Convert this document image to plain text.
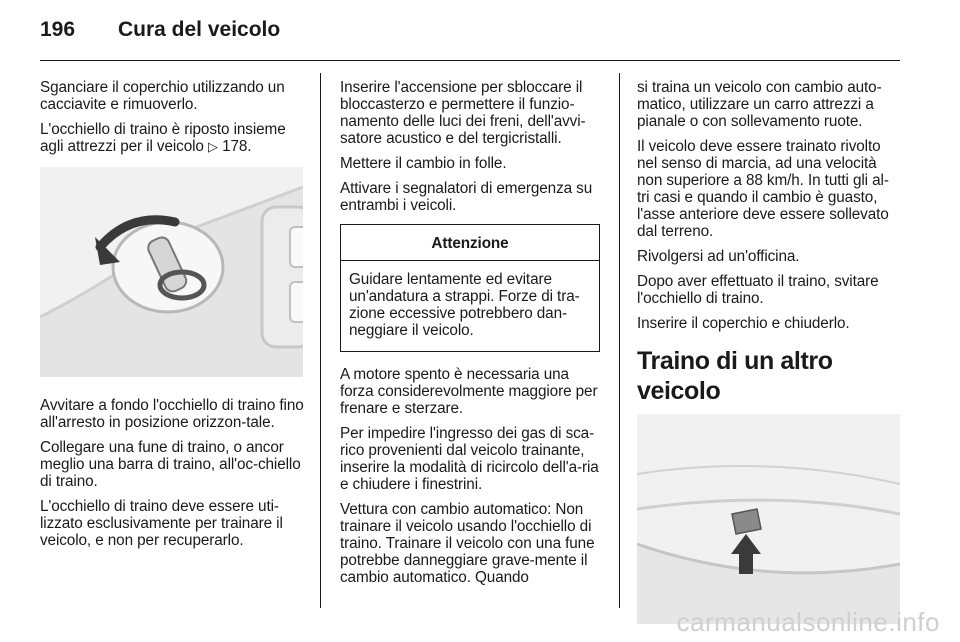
196	Cura del veicolo

Sganciare il coperchio utilizzando un cacciavite e rimuoverlo.

L'occhiello di traino è riposto insieme agli attrezzi per il veicolo ▷ 178.

Avvitare a fondo l'occhiello di traino fino all'arresto in posizione orizzon-tale.

Collegare una fune di traino, o ancor meglio una barra di traino, all'oc-chiello di traino.

L'occhiello di traino deve essere uti-lizzato esclusivamente per trainare il veicolo, e non per recuperarlo.

Inserire l'accensione per sbloccare il bloccasterzo e permettere il funzio-namento delle luci dei freni, dell'avvi-satore acustico e del tergicristalli.

Mettere il cambio in folle.

Attivare i segnalatori di emergenza su entrambi i veicoli.

Attenzione
Guidare lentamente ed evitare un'andatura a strappi. Forze di tra-zione eccessive potrebbero dan-neggiare il veicolo.

A motore spento è necessaria una forza considerevolmente maggiore per frenare e sterzare.

Per impedire l'ingresso dei gas di sca-rico provenienti dal veicolo trainante, inserire la modalità di ricircolo dell'a-ria e chiudere i finestrini.

Vettura con cambio automatico: Non trainare il veicolo usando l'occhiello di traino. Trainare il veicolo con una fune potrebbe danneggiare grave-mente il cambio automatico. Quando

si traina un veicolo con cambio auto-matico, utilizzare un carro attrezzi a pianale o con sollevamento ruote.

Il veicolo deve essere trainato rivolto nel senso di marcia, ad una velocità non superiore a 88 km/h. In tutti gli al-tri casi e quando il cambio è guasto, l'asse anteriore deve essere sollevato dal terreno.

Rivolgersi ad un'officina.

Dopo aver effettuato il traino, svitare l'occhiello di traino.

Inserire il coperchio e chiuderlo.

Traino di un altro veicolo
carmanualsonline.info
